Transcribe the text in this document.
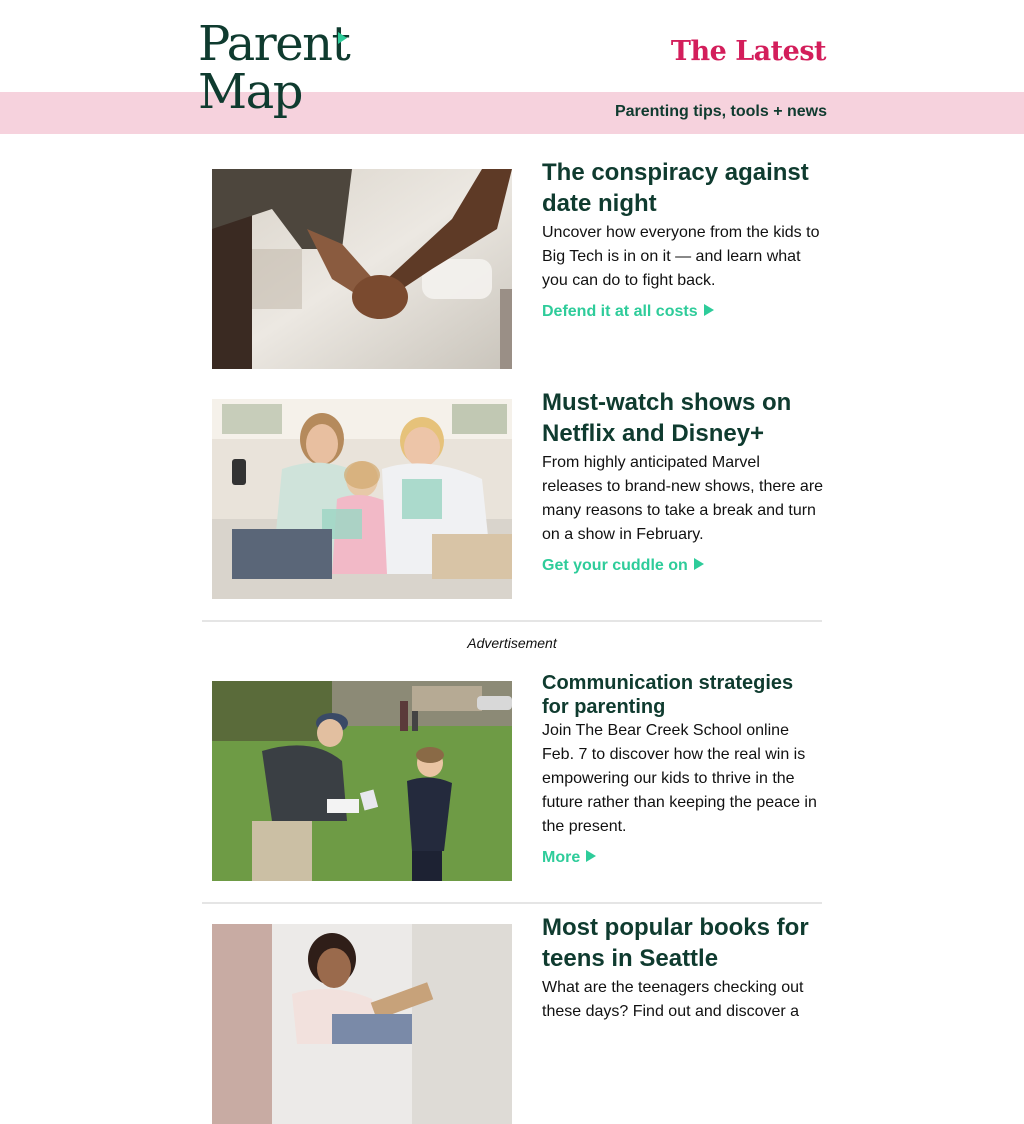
Parent
Map
The Latest
Parenting tips, tools + news
The conspiracy against date night

Uncover how everyone from the kids to Big Tech is in on it — and learn what you can do to fight back.

Defend it at all costs
Must-watch shows on Netflix and Disney+

From highly anticipated Marvel releases to brand-new shows, there are many reasons to take a break and turn on a show in February.

Get your cuddle on
Advertisement
Communication strategies for parenting

Join The Bear Creek School online Feb. 7 to discover how the real win is empowering our kids to thrive in the future rather than keeping the peace in the present.

More
Most popular books for teens in Seattle

What are the teenagers checking out these days? Find out and discover a
